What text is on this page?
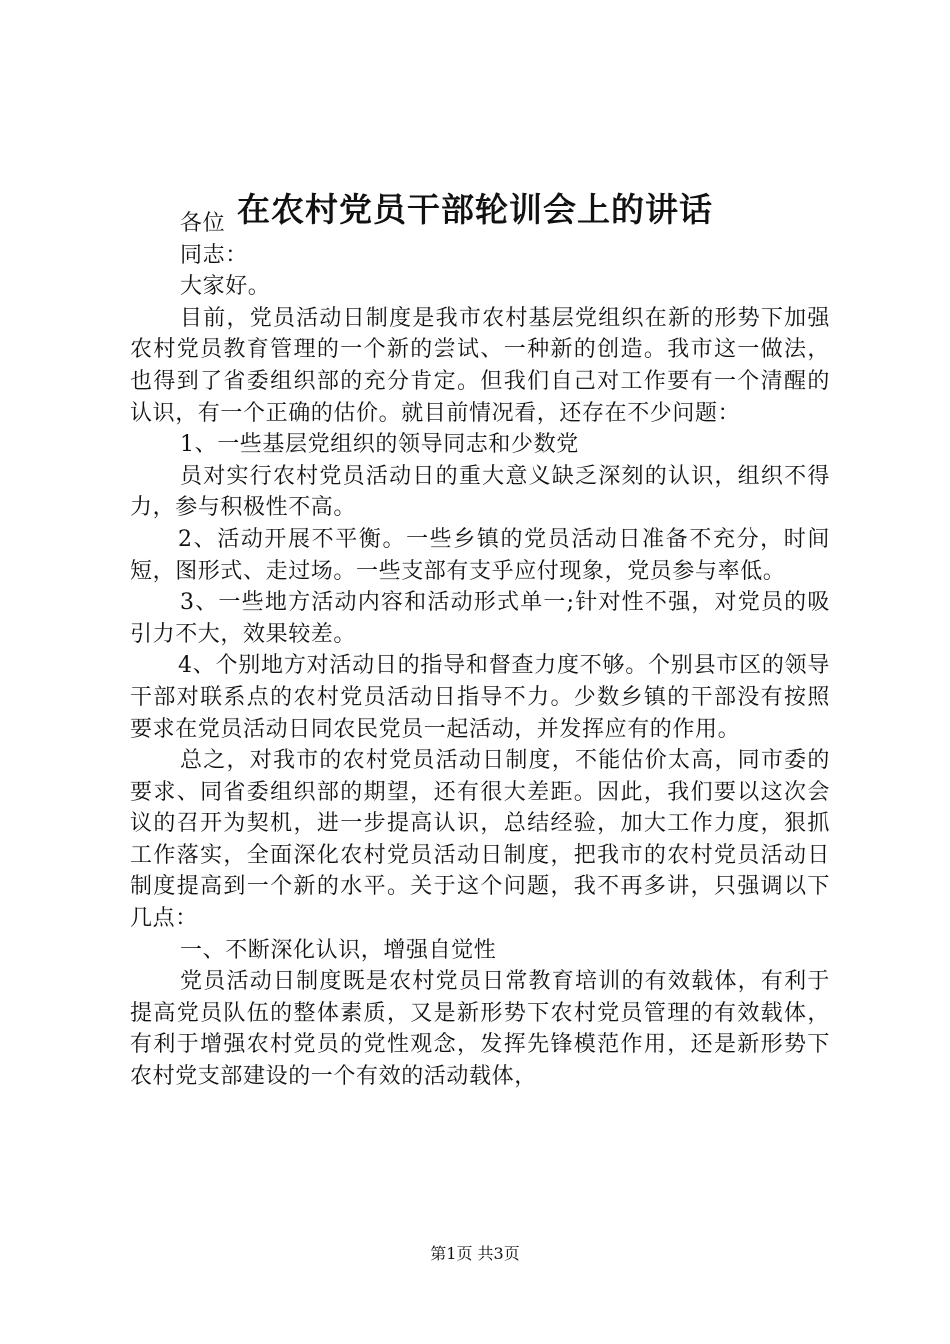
在农村党员干部轮训会上的讲话

各位

同志：

大家好。

目前，党员活动日制度是我市农村基层党组织在新的形势下加强农村党员教育管理的一个新的尝试、一种新的创造。我市这一做法，也得到了省委组织部的充分肯定。但我们自己对工作要有一个清醒的认识，有一个正确的估价。就目前情况看，还存在不少问题：

1、一些基层党组织的领导同志和少数党

员对实行农村党员活动日的重大意义缺乏深刻的认识，组织不得力，参与积极性不高。

2、活动开展不平衡。一些乡镇的党员活动日准备不充分，时间短，图形式、走过场。一些支部有支乎应付现象，党员参与率低。

3、一些地方活动内容和活动形式单一;针对性不强，对党员的吸引力不大，效果较差。

4、个别地方对活动日的指导和督查力度不够。个别县市区的领导干部对联系点的农村党员活动日指导不力。少数乡镇的干部没有按照要求在党员活动日同农民党员一起活动，并发挥应有的作用。

总之，对我市的农村党员活动日制度，不能估价太高，同市委的要求、同省委组织部的期望，还有很大差距。因此，我们要以这次会议的召开为契机，进一步提高认识，总结经验，加大工作力度，狠抓工作落实，全面深化农村党员活动日制度，把我市的农村党员活动日制度提高到一个新的水平。关于这个问题，我不再多讲，只强调以下几点：

一、不断深化认识，增强自觉性

党员活动日制度既是农村党员日常教育培训的有效载体，有利于提高党员队伍的整体素质，又是新形势下农村党员管理的有效载体，有利于增强农村党员的党性观念，发挥先锋模范作用，还是新形势下农村党支部建设的一个有效的活动载体，

第1页 共3页
